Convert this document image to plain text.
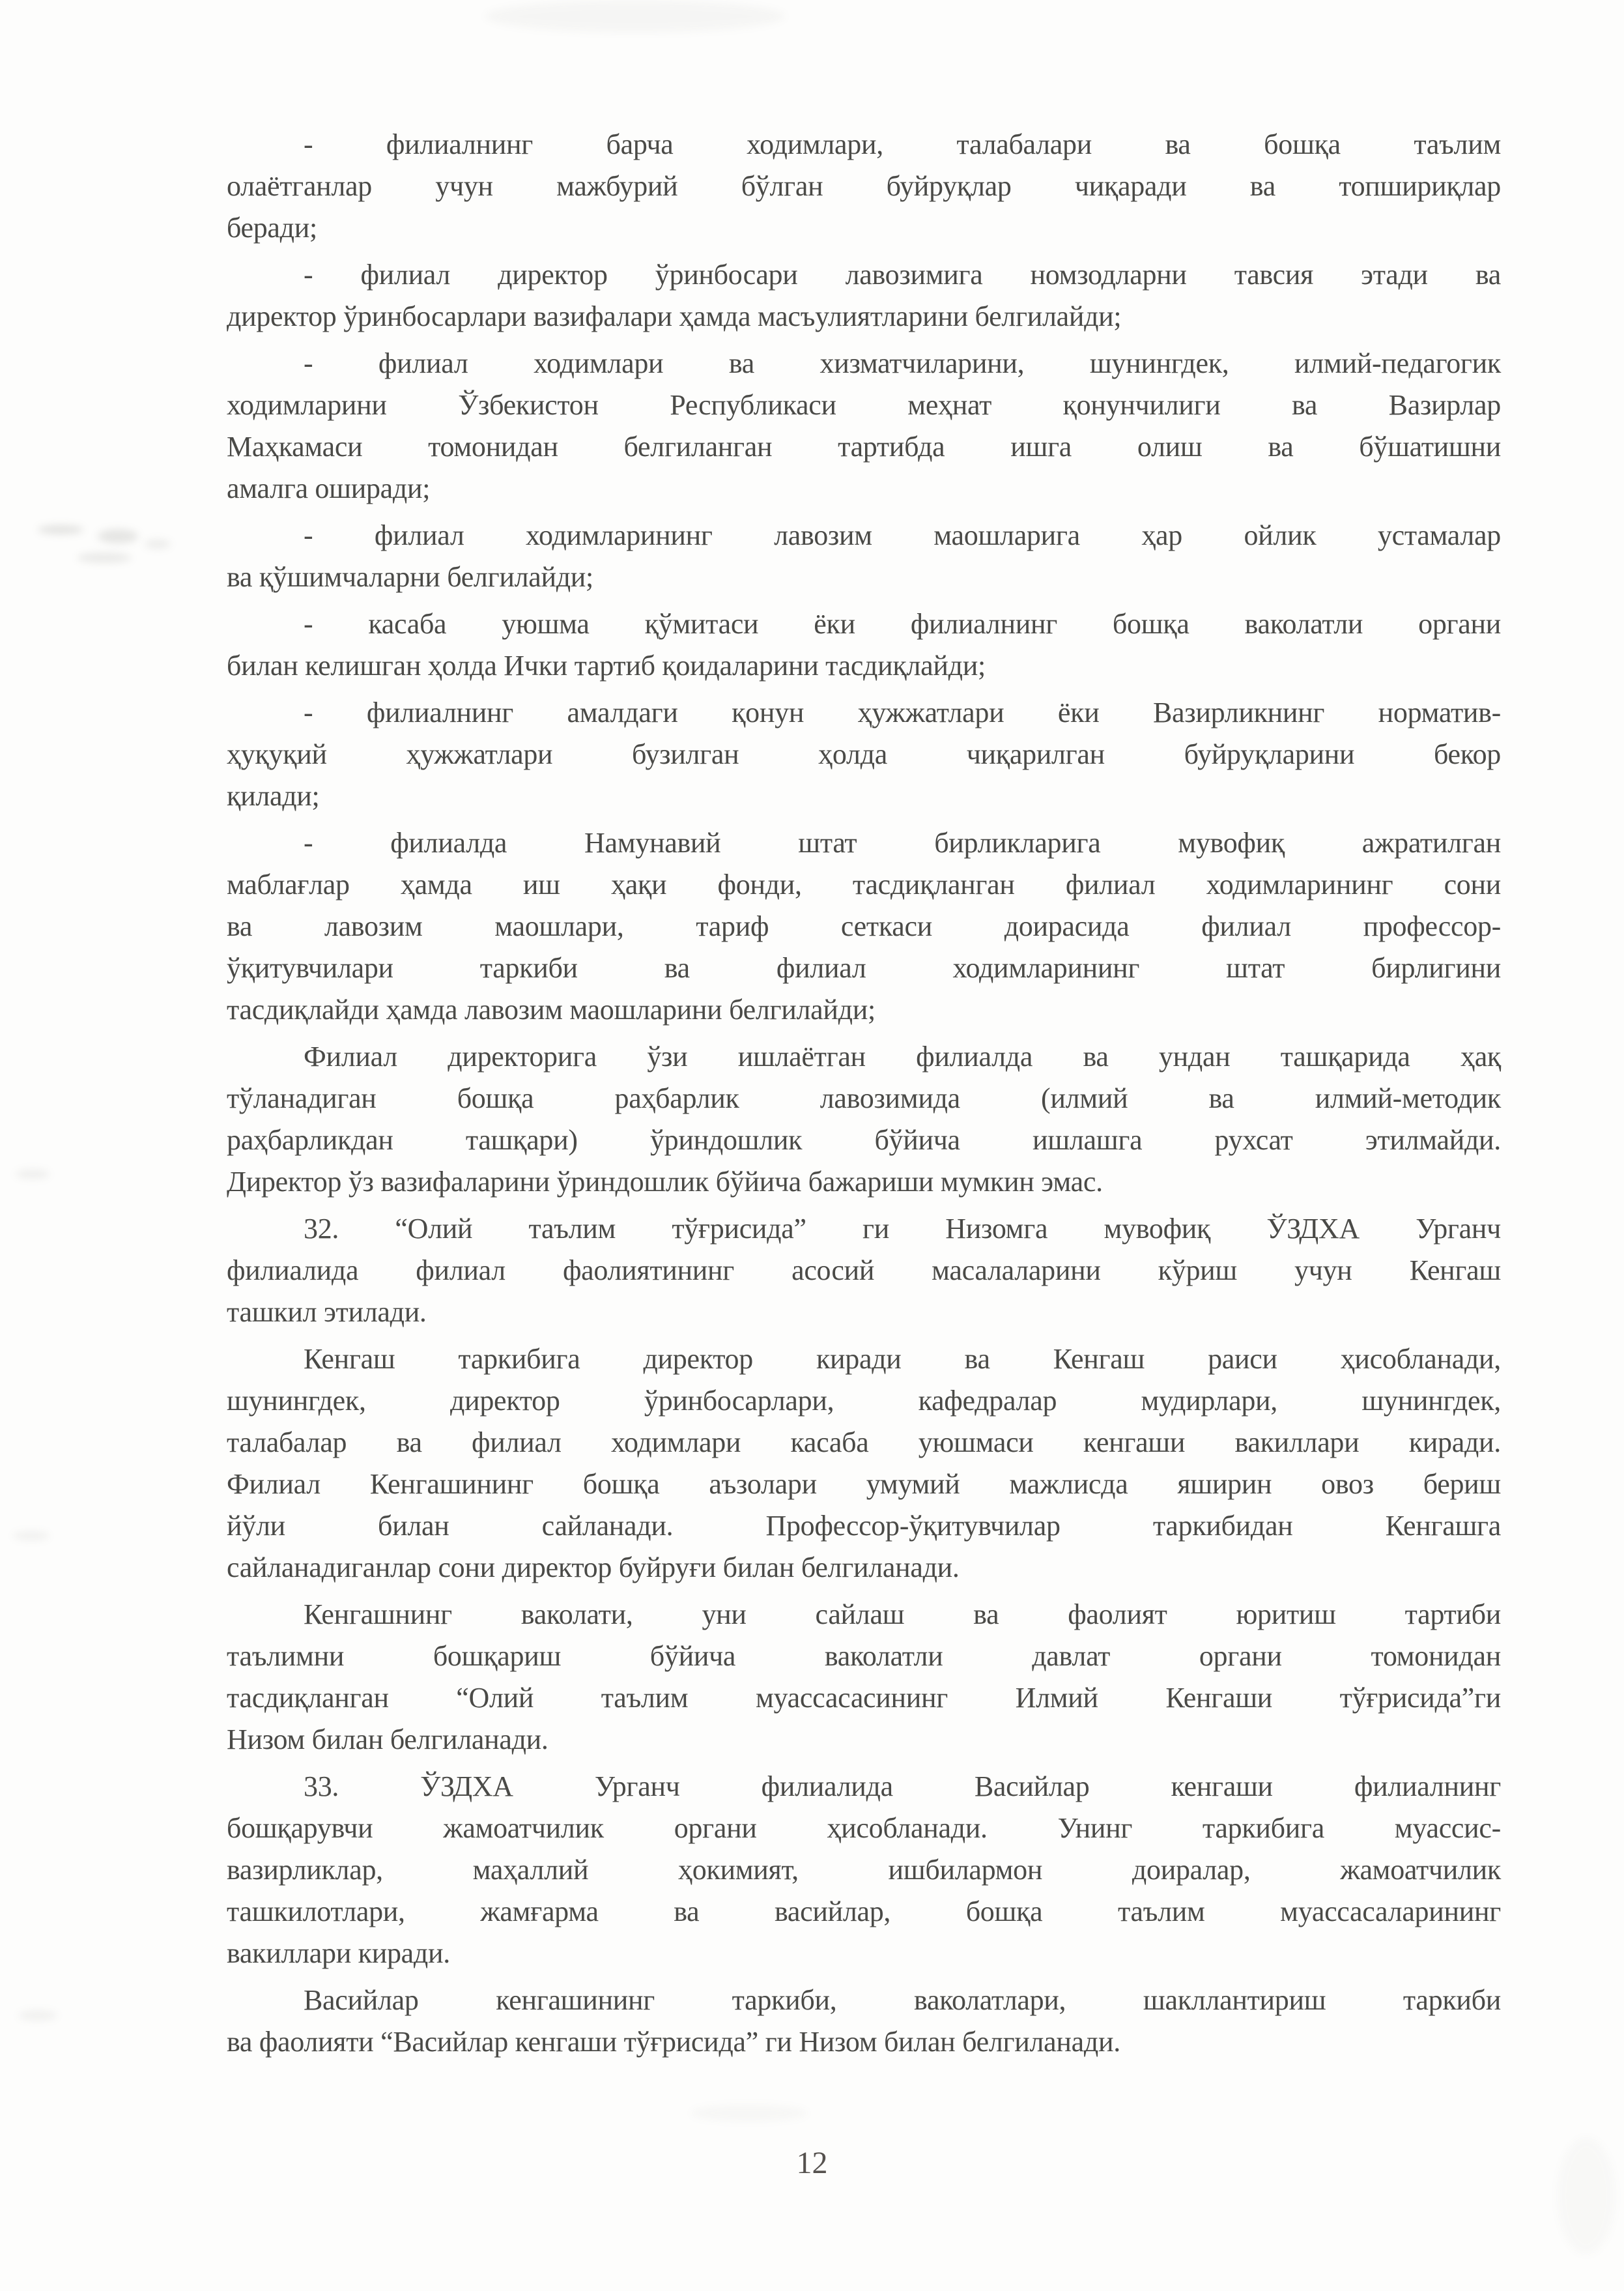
- филиалнинг барча ходимлари, талабалари ва бошқа таълим
олаётганлар учун мажбурий бўлган буйруқлар чиқаради ва топшириқлар
беради;
- филиал директор ўринбосари лавозимига номзодларни тавсия этади ва
директор ўринбосарлари вазифалари ҳамда масъулиятларини белгилайди;
- филиал ходимлари ва хизматчиларини, шунингдек, илмий-педагогик
ходимларини Ўзбекистон Республикаси меҳнат қонунчилиги ва Вазирлар
Маҳкамаси томонидан белгиланган тартибда ишга олиш ва бўшатишни
амалга оширади;
- филиал ходимларининг лавозим маошларига ҳар ойлик устамалар
ва қўшимчаларни белгилайди;
- касаба уюшма қўмитаси ёки филиалнинг бошқа ваколатли органи
билан келишган ҳолда Ички тартиб қоидаларини тасдиқлайди;
- филиалнинг амалдаги қонун ҳужжатлари ёки Вазирликнинг норматив-
ҳуқуқий ҳужжатлари бузилган ҳолда чиқарилган буйруқларини бекор
қилади;
- филиалда Намунавий штат бирликларига мувофиқ ажратилган
маблағлар ҳамда иш ҳақи фонди, тасдиқланган филиал ходимларининг сони
ва лавозим маошлари, тариф сеткаси доирасида филиал профессор-
ўқитувчилари таркиби ва филиал ходимларининг штат бирлигини
тасдиқлайди ҳамда лавозим маошларини белгилайди;
Филиал директорига ўзи ишлаётган филиалда ва ундан ташқарида ҳақ
тўланадиган бошқа раҳбарлик лавозимида (илмий ва илмий-методик
раҳбарликдан ташқари) ўриндошлик бўйича ишлашга рухсат этилмайди.
Директор ўз вазифаларини ўриндошлик бўйича бажариши мумкин эмас.
32. “Олий таълим тўғрисида” ги Низомга мувофиқ ЎЗДХА Урганч
филиалида филиал фаолиятининг асосий масалаларини кўриш учун Кенгаш
ташкил этилади.
Кенгаш таркибига директор киради ва Кенгаш раиси ҳисобланади,
шунингдек, директор ўринбосарлари, кафедралар мудирлари, шунингдек,
талабалар ва филиал ходимлари касаба уюшмаси кенгаши вакиллари киради.
Филиал Кенгашининг бошқа аъзолари умумий мажлисда яширин овоз бериш
йўли билан сайланади. Профессор-ўқитувчилар таркибидан Кенгашга
сайланадиганлар сони директор буйруғи билан белгиланади.
Кенгашнинг ваколати, уни сайлаш ва фаолият юритиш тартиби
таълимни бошқариш бўйича ваколатли давлат органи томонидан
тасдиқланган “Олий таълим муассасасининг Илмий Кенгаши тўғрисида”ги
Низом билан белгиланади.
33. ЎЗДХА Урганч филиалида Васийлар кенгаши филиалнинг
бошқарувчи жамоатчилик органи ҳисобланади. Унинг таркибига муассис-
вазирликлар, маҳаллий ҳокимият, ишбилармон доиралар, жамоатчилик
ташкилотлари, жамғарма ва васийлар, бошқа таълим муассасаларининг
вакиллари киради.
Васийлар кенгашининг таркиби, ваколатлари, шакллантириш таркиби
ва фаолияти “Васийлар кенгаши тўғрисида” ги Низом билан белгиланади.
12
